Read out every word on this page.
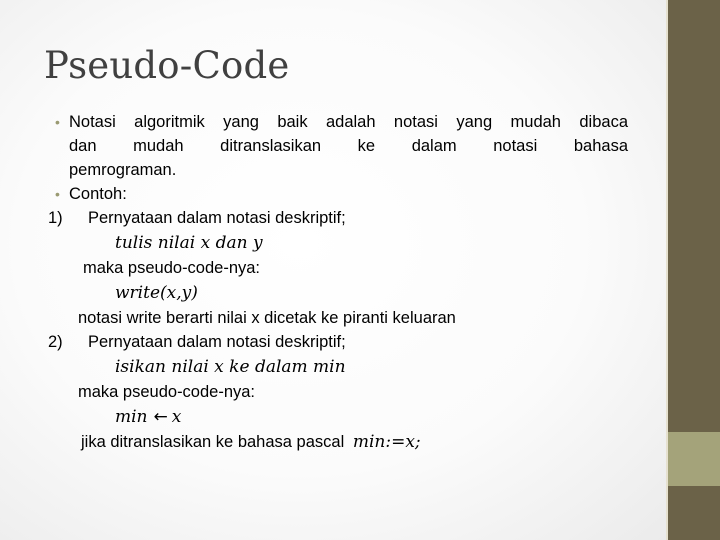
Pseudo-Code
• Notasi algoritmik yang baik adalah notasi yang mudah dibaca
dan mudah ditranslasikan ke dalam notasi bahasa
pemrograman.
• Contoh:
1)	Pernyataan dalam notasi deskriptif;
tulis nilai x dan y
maka pseudo-code-nya:
write(x,y)
notasi write berarti nilai x dicetak ke piranti keluaran
2)	Pernyataan dalam notasi deskriptif;
isikan nilai x ke dalam min
maka pseudo-code-nya:
min ← x
jika ditranslasikan ke bahasa pascal min:=x;
